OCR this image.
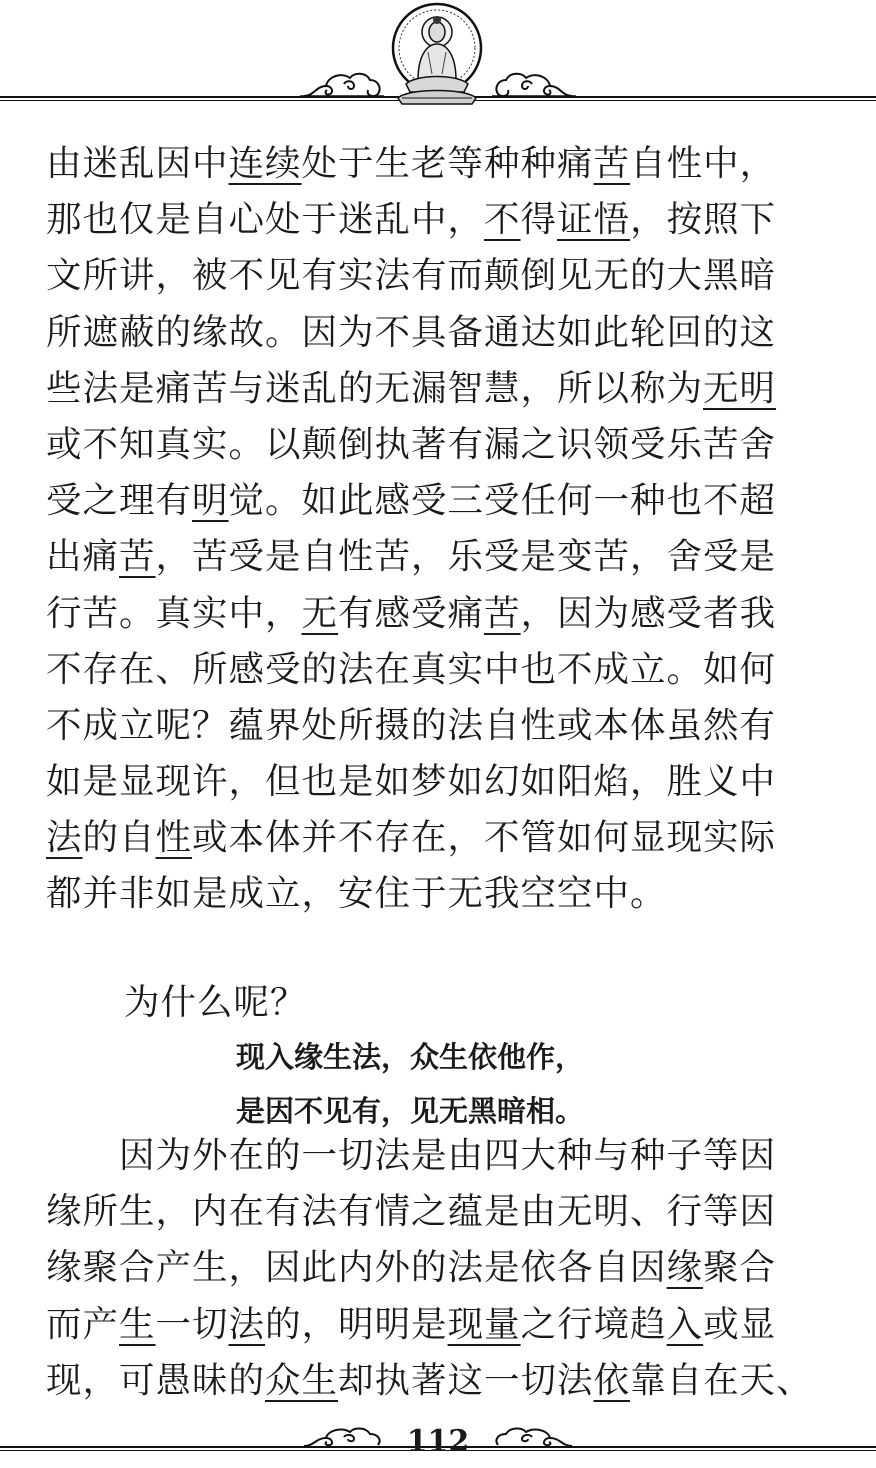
由迷乱因中连续处于生老等种种痛苦自性中，
那也仅是自心处于迷乱中，不得证悟，按照下
文所讲，被不见有实法有而颠倒见无的大黑暗
所遮蔽的缘故。因为不具备通达如此轮回的这
些法是痛苦与迷乱的无漏智慧，所以称为无明
或不知真实。以颠倒执著有漏之识领受乐苦舍
受之理有明觉。如此感受三受任何一种也不超
出痛苦，苦受是自性苦，乐受是变苦，舍受是
行苦。真实中，无有感受痛苦，因为感受者我
不存在、所感受的法在真实中也不成立。如何
不成立呢？蕴界处所摄的法自性或本体虽然有
如是显现许，但也是如梦如幻如阳焰，胜义中
法的自性或本体并不存在，不管如何显现实际
都并非如是成立，安住于无我空空中。
为什么呢？
现入缘生法，众生依他作，
是因不见有，见无黑暗相。
　　因为外在的一切法是由四大种与种子等因
缘所生，内在有法有情之蕴是由无明、行等因
缘聚合产生，因此内外的法是依各自因缘聚合
而产生一切法的，明明是现量之行境趋入或显
现，可愚昧的众生却执著这一切法依靠自在天、
112
